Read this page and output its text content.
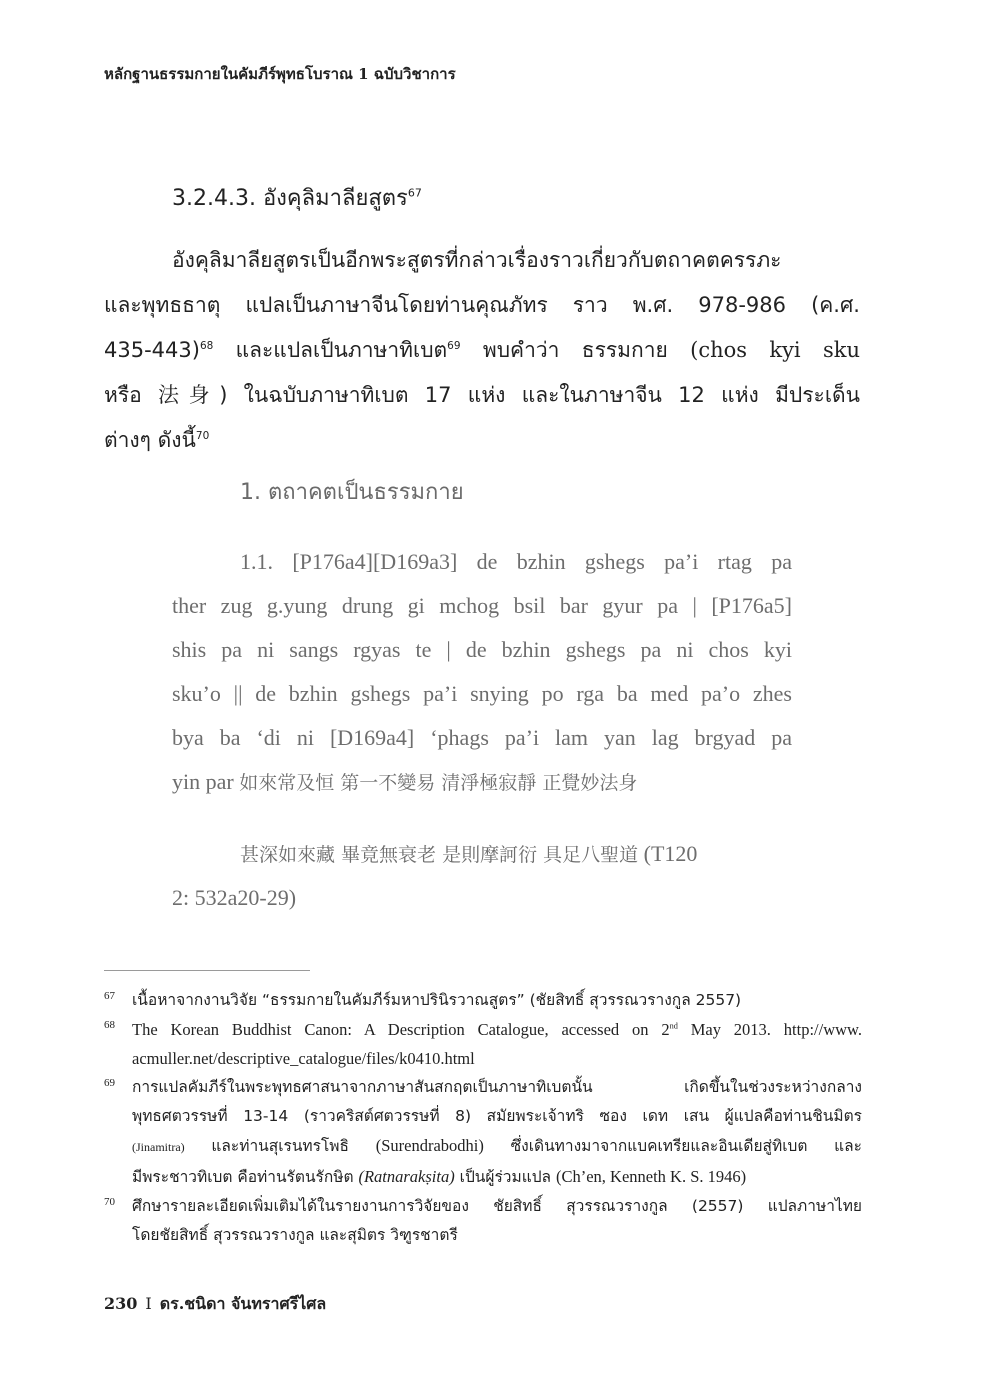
หลักฐานธรรมกายในคัมภีร์พุทธโบราณ 1 ฉบับวิชาการ
3.2.4.3. อังคุลิมาลียสูตร$^{67}$
อังคุลิมาลียสูตรเป็นอีกพระสูตรที่กล่าวเรื่องราวเกี่ยวกับตถาคตครรภะ
และพุทธธาตุ แปลเป็นภาษาจีนโดยท่านคุณภัทร ราว พ.ศ. 978-986 (ค.ศ.
435-443)$^{68}$ และแปลเป็นภาษาทิเบต$^{69}$ พบคำว่า ธรรมกาย (chos kyi sku
หรือ 法身) ในฉบับภาษาทิเบต 17 แห่ง และในภาษาจีน 12 แห่ง มีประเด็น
ต่างๆ ดังนี้$^{70}$
1. ตถาคตเป็นธรรมกาย
1.1. [P176a4][D169a3] de bzhin gshegs pa’i rtag pa
ther zug g.yung drung gi mchog bsil bar gyur pa | [P176a5]
shis pa ni sangs rgyas te | de bzhin gshegs pa ni chos kyi
sku’o || de bzhin gshegs pa’i snying po rga ba med pa’o zhes
bya ba ‘di ni [D169a4] ‘phags pa’i lam yan lag brgyad pa
yin par 如來常及恒 第一不變易 清淨極寂靜 正覺妙法身
甚深如來藏 畢竟無衰老 是則摩訶衍 具足八聖道 (T120
2: 532a20-29)
67 เนื้อหาจากงานวิจัย “ธรรมกายในคัมภีร์มหาปรินิรวาณสูตร” (ชัยสิทธิ์ สุวรรณวรางกูล 2557)
68 The Korean Buddhist Canon: A Description Catalogue, accessed on 2nd May 2013. http://www.
acmuller.net/descriptive_catalogue/files/k0410.html
69 การแปลคัมภีร์ในพระพุทธศาสนาจากภาษาสันสกฤตเป็นภาษาทิเบตนั้น เกิดขึ้นในช่วงระหว่างกลาง
พุทธศตวรรษที่ 13-14 (ราวคริสต์ศตวรรษที่ 8) สมัยพระเจ้าทริ ซอง เดท เสน ผู้แปลคือท่านชินมิตร
(Jinamitra) และท่านสุเรนทรโพธิ (Surendrabodhi) ซึ่งเดินทางมาจากแบคเทรียและอินเดียสู่ทิเบต และ
มีพระชาวทิเบต คือท่านรัตนรักษิต (Ratnarakṣita) เป็นผู้ร่วมแปล (Ch’en, Kenneth K. S. 1946)
70 ศึกษารายละเอียดเพิ่มเติมได้ในรายงานการวิจัยของ ชัยสิทธิ์ สุวรรณวรางกูล (2557) แปลภาษาไทย
โดยชัยสิทธิ์ สุวรรณวรางกูล และสุมิตร วิฑูรชาตรี
230 I ดร.ชนิดา จันทราศรีไศล
